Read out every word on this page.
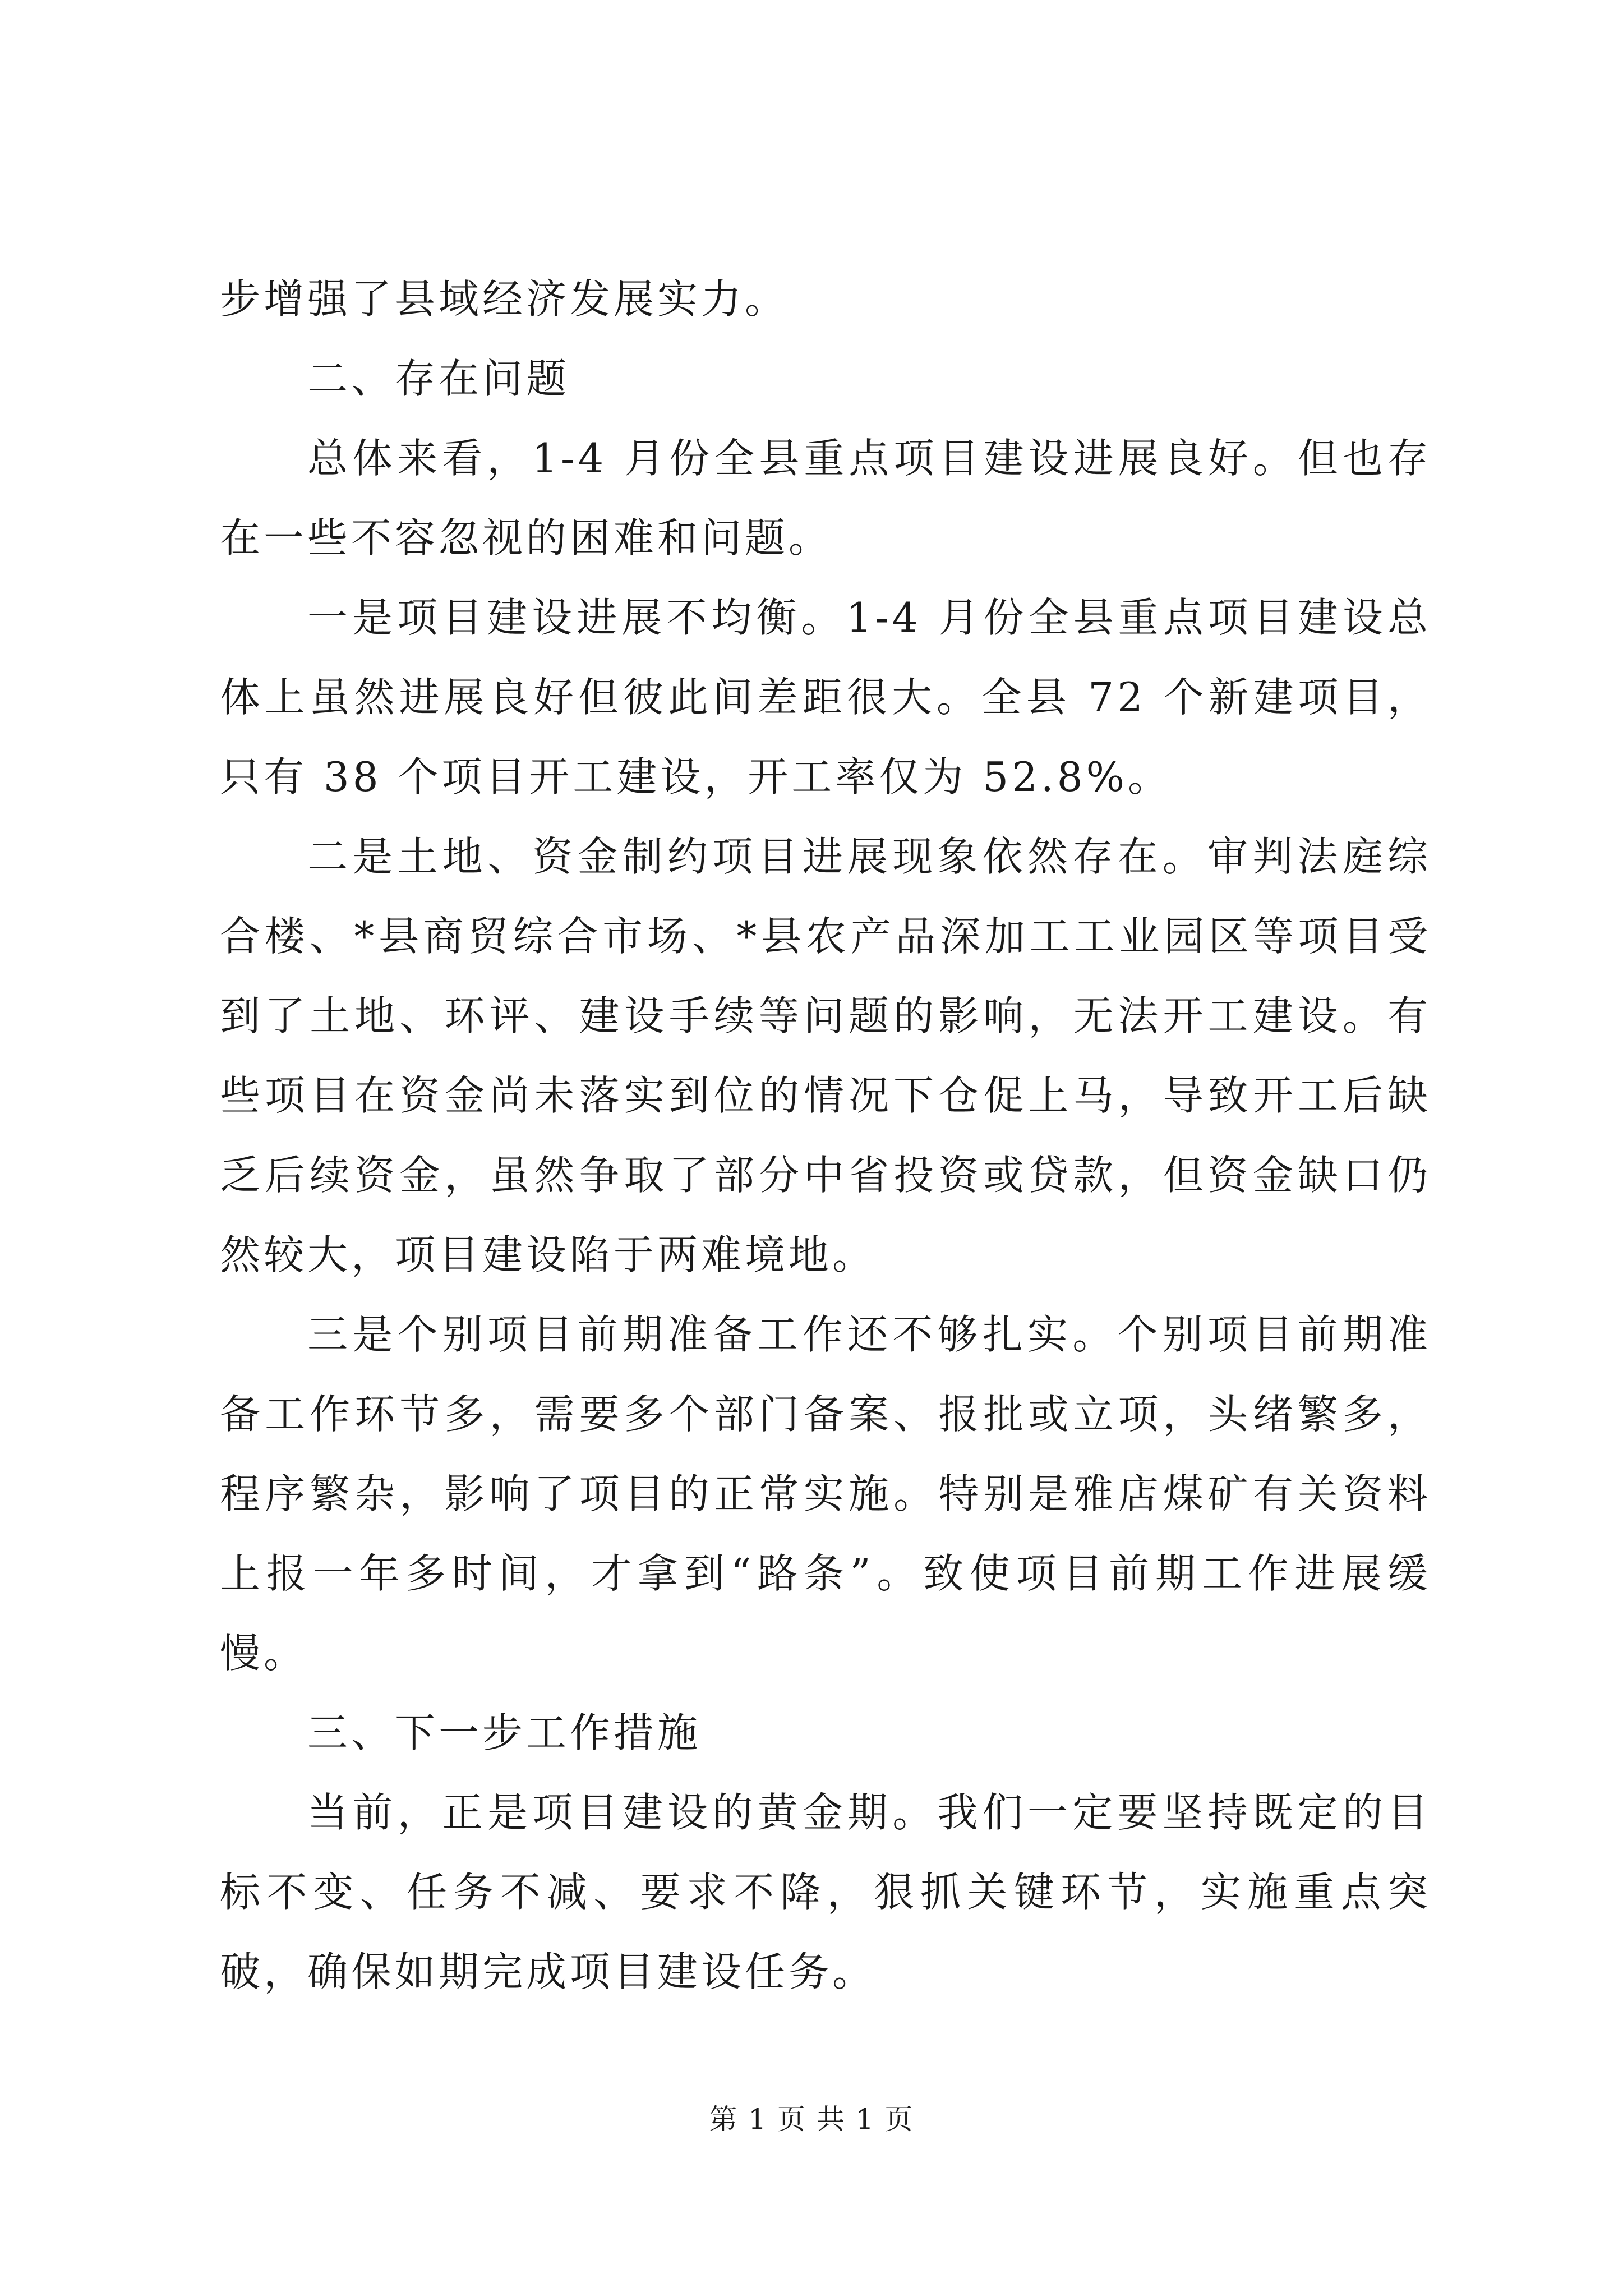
步增强了县域经济发展实力。

二、存在问题

总体来看，1-4 月份全县重点项目建设进展良好。但也存在一些不容忽视的困难和问题。

一是项目建设进展不均衡。1-4 月份全县重点项目建设总体上虽然进展良好但彼此间差距很大。全县 72 个新建项目，只有 38 个项目开工建设，开工率仅为 52.8%。

二是土地、资金制约项目进展现象依然存在。审判法庭综合楼、*县商贸综合市场、*县农产品深加工工业园区等项目受到了土地、环评、建设手续等问题的影响，无法开工建设。有些项目在资金尚未落实到位的情况下仓促上马，导致开工后缺乏后续资金，虽然争取了部分中省投资或贷款，但资金缺口仍然较大，项目建设陷于两难境地。

三是个别项目前期准备工作还不够扎实。个别项目前期准备工作环节多，需要多个部门备案、报批或立项，头绪繁多，程序繁杂，影响了项目的正常实施。特别是雅店煤矿有关资料上报一年多时间，才拿到“路条”。致使项目前期工作进展缓慢。

三、下一步工作措施

当前，正是项目建设的黄金期。我们一定要坚持既定的目标不变、任务不减、要求不降，狠抓关键环节，实施重点突破，确保如期完成项目建设任务。

第 1 页 共 1 页
